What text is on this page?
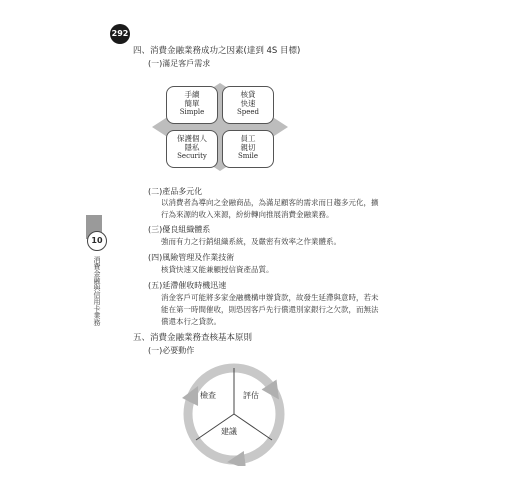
292
10
消費金融與信用卡業務
四、消費金融業務成功之因素(達到 4S 目標)
(一)滿足客戶需求
手續
簡單
Simple
核貸
快速
Speed
保護個人
隱私
Security
員工
親切
Smile
(二)產品多元化
以消費者為導向之金融商品，為滿足顧客的需求而日趨多元化，擴
行為來源的收入來源，紛紛轉向推展消費金融業務。
(三)優良組織體系
強而有力之行銷組織系統，及嚴密有效率之作業體系。
(四)風險管理及作業技術
核貸快速又能兼顧授信資產品質。
(五)延滯催收時機迅速
消金客戶可能將多家金融機構申辦貸款，故發生延滯與意時，若未
能在第一時間催收，則恐因客戶先行償還別家銀行之欠款，而無法
償還本行之貸款。
五、消費金融業務查核基本原則
(一)必要動作
檢查	評估
建議
